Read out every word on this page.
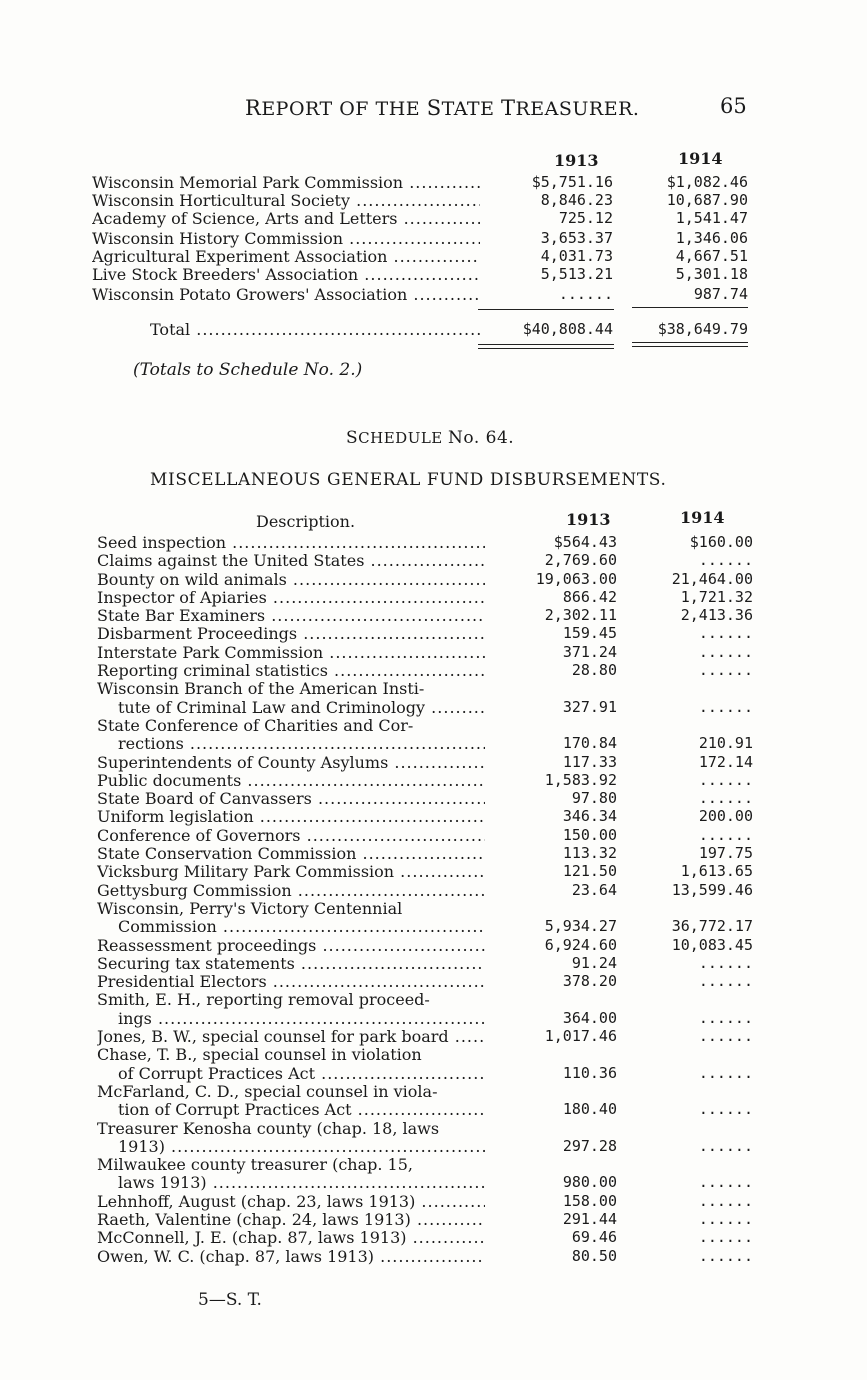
REPORT OF THE STATE TREASURER.	65
1913	1914
Wisconsin Memorial Park Commission .....	$5,751.16	$1,082.46
Wisconsin Horticultural Society .....	8,846.23	10,687.90
Academy of Science, Arts and Letters .....	725.12	1,541.47
Wisconsin History Commission .....	3,653.37	1,346.06
Agricultural Experiment Association .....	4,031.73	4,667.51
Live Stock Breeders' Association .....	5,513.21	5,301.18
Wisconsin Potato Growers' Association .....	......	987.74
Total .....	$40,808.44	$38,649.79
(Totals to Schedule No. 2.)
SCHEDULE No. 64.
MISCELLANEOUS GENERAL FUND DISBURSEMENTS.
Description.	1913	1914
Seed inspection .....	$564.43	$160.00
Claims against the United States .....	2,769.60	......
Bounty on wild animals .....	19,063.00	21,464.00
Inspector of Apiaries .....	866.42	1,721.32
State Bar Examiners .....	2,302.11	2,413.36
Disbarment Proceedings .....	159.45	......
Interstate Park Commission .....	371.24	......
Reporting criminal statistics .....	28.80	......
Wisconsin Branch of the American Insti-
tute of Criminal Law and Criminology .....	327.91	......
State Conference of Charities and Cor-
rections .....	170.84	210.91
Superintendents of County Asylums .....	117.33	172.14
Public documents .....	1,583.92	......
State Board of Canvassers .....	97.80	......
Uniform legislation .....	346.34	200.00
Conference of Governors .....	150.00	......
State Conservation Commission .....	113.32	197.75
Vicksburg Military Park Commission .....	121.50	1,613.65
Gettysburg Commission .....	23.64	13,599.46
Wisconsin, Perry's Victory Centennial
Commission .....	5,934.27	36,772.17
Reassessment proceedings .....	6,924.60	10,083.45
Securing tax statements .....	91.24	......
Presidential Electors .....	378.20	......
Smith, E. H., reporting removal proceed-
ings .....	364.00	......
Jones, B. W., special counsel for park board .....	1,017.46	......
Chase, T. B., special counsel in violation
of Corrupt Practices Act .....	110.36	......
McFarland, C. D., special counsel in viola-
tion of Corrupt Practices Act .....	180.40	......
Treasurer Kenosha county (chap. 18, laws
1913) .....	297.28	......
Milwaukee county treasurer (chap. 15,
laws 1913) .....	980.00	......
Lehnhoff, August (chap. 23, laws 1913) .....	158.00	......
Raeth, Valentine (chap. 24, laws 1913) .....	291.44	......
McConnell, J. E. (chap. 87, laws 1913) .....	69.46	......
Owen, W. C. (chap. 87, laws 1913) .....	80.50	......
5—S. T.
